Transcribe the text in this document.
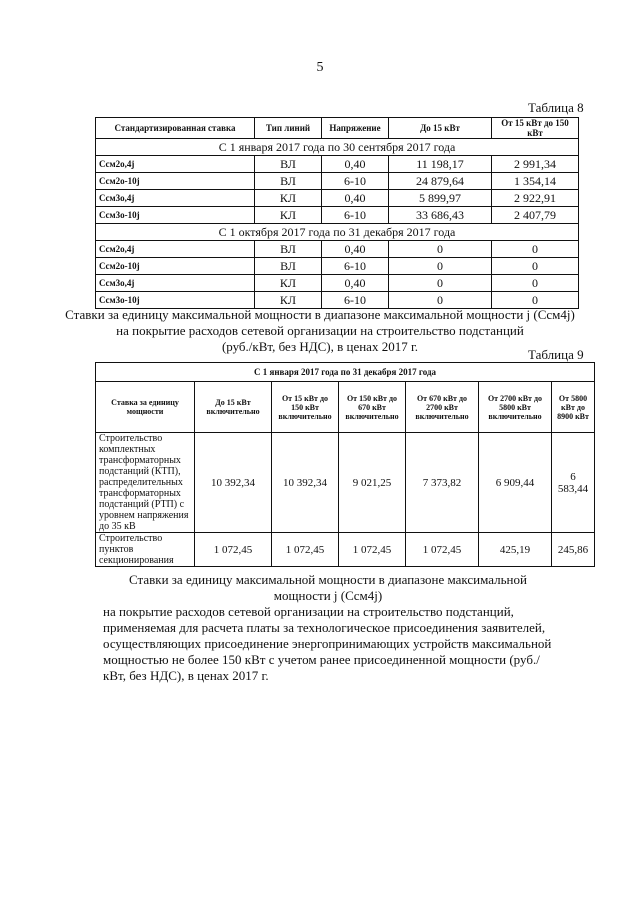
5
Таблица 8
Стандартизированная ставка	Тип линий	Напряжение	До 15 кВт	От 15 кВт до 150 кВт
С 1 января 2017 года по 30 сентября 2017 года				
Cсм2о,4j	ВЛ	0,40	11 198,17	2 991,34
Cсм2о-10j	ВЛ	6-10	24 879,64	1 354,14
Cсм3о,4j	КЛ	0,40	5 899,97	2 922,91
Cсм3о-10j	КЛ	6-10	33 686,43	2 407,79
С 1 октября 2017 года по 31 декабря 2017 года				
Cсм2о,4j	ВЛ	0,40	0	0
Cсм2о-10j	ВЛ	6-10	0	0
Cсм3о,4j	КЛ	0,40	0	0
Cсм3о-10j	КЛ	6-10	0	0
Ставки за единицу максимальной мощности в диапазоне максимальной мощности j (Cсм4j)
на покрытие расходов сетевой организации на строительство подстанций
(руб./кВт, без НДС), в ценах 2017 г.
Таблица 9
С 1 января 2017 года по 31 декабря 2017 года						
Ставка за единицу мощности	До 15 кВт включительно	От 15 кВт до 150 кВт включительно	От 150 кВт до 670 кВт включительно	От 670 кВт до 2700 кВт включительно	От 2700 кВт до 5800 кВт включительно	От 5800 кВт до 8900 кВт
Строительство комплектных трансформаторных подстанций (КТП), распределительных трансформаторных подстанций (РТП) с уровнем напряжения до 35 кВ	10 392,34	10 392,34	9 021,25	7 373,82	6 909,44	6 583,44
Строительство пунктов секционирования	1 072,45	1 072,45	1 072,45	1 072,45	425,19	245,86
Ставки за единицу максимальной мощности в диапазоне максимальной мощности j (Cсм4j)
на покрытие расходов сетевой организации на строительство подстанций, применяемая для расчета платы за технологическое присоединения заявителей, осуществляющих присоединение энергопринимающих устройств максимальной мощностью не более 150 кВт с учетом ранее присоединенной мощности (руб./кВт, без НДС), в ценах 2017 г.
